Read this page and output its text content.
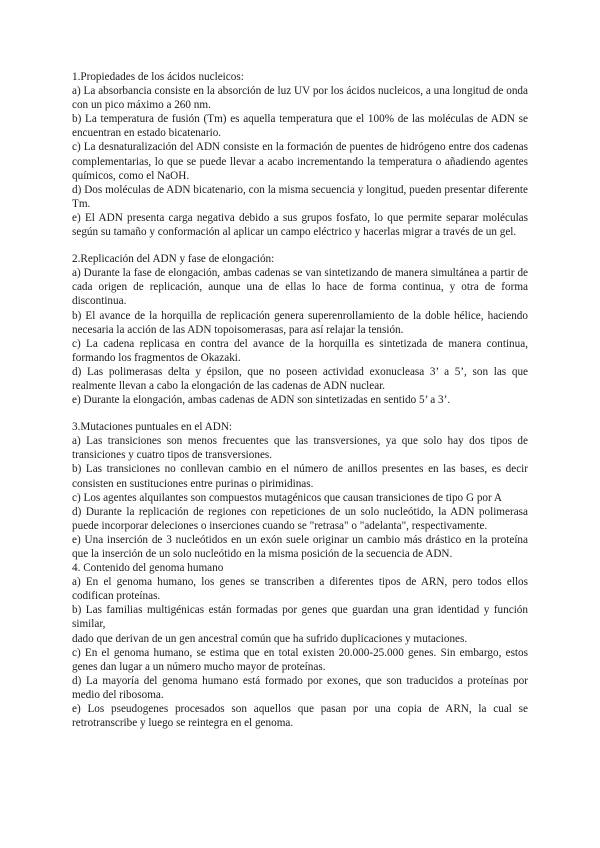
1.Propiedades de los ácidos nucleicos:

a) La absorbancia consiste en la absorción de luz UV por los ácidos nucleicos, a una longitud de onda con un pico máximo a 260 nm.

b) La temperatura de fusión (Tm) es aquella temperatura que el 100% de las moléculas de ADN se encuentran en estado bicatenario.

c) La desnaturalización del ADN consiste en la formación de puentes de hidrógeno entre dos cadenas complementarias, lo que se puede llevar a acabo incrementando la temperatura o añadiendo agentes químicos, como el NaOH.

d) Dos moléculas de ADN bicatenario, con la misma secuencia y longitud, pueden presentar diferente Tm.

e) El ADN presenta carga negativa debido a sus grupos fosfato, lo que permite separar moléculas según su tamaño y conformación al aplicar un campo eléctrico y hacerlas migrar a través de un gel.

2.Replicación del ADN y fase de elongación:

a) Durante la fase de elongación, ambas cadenas se van sintetizando de manera simultánea a partir de cada origen de replicación, aunque una de ellas lo hace de forma continua, y otra de forma discontinua.

b) El avance de la horquilla de replicación genera superenrollamiento de la doble hélice, haciendo necesaria la acción de las ADN topoisomerasas, para así relajar la tensión.

c) La cadena replicasa en contra del avance de la horquilla es sintetizada de manera continua, formando los fragmentos de Okazaki.

d) Las polimerasas delta y épsilon, que no poseen actividad exonucleasa 3’ a 5’, son las que realmente llevan a cabo la elongación de las cadenas de ADN nuclear.

e) Durante la elongación, ambas cadenas de ADN son sintetizadas en sentido 5’ a 3’.

3.Mutaciones puntuales en el ADN:

a) Las transiciones son menos frecuentes que las transversiones, ya que solo hay dos tipos de transiciones y cuatro tipos de transversiones.

b) Las transiciones no conllevan cambio en el número de anillos presentes en las bases, es decir consisten en sustituciones entre purinas o pirimidinas.

c) Los agentes alquilantes son compuestos mutagénicos que causan transiciones de tipo G por A

d) Durante la replicación de regiones con repeticiones de un solo nucleótido, la ADN polimerasa puede incorporar deleciones o inserciones cuando se "retrasa" o "adelanta", respectivamente.

e) Una inserción de 3 nucleótidos en un exón suele originar un cambio más drástico en la proteína que la inserción de un solo nucleótido en la misma posición de la secuencia de ADN.

4. Contenido del genoma humano

a) En el genoma humano, los genes se transcriben a diferentes tipos de ARN, pero todos ellos codifican proteínas.

b) Las familias multigénicas están formadas por genes que guardan una gran identidad y función similar,

dado que derivan de un gen ancestral común que ha sufrido duplicaciones y mutaciones.

c) En el genoma humano, se estima que en total existen 20.000-25.000 genes. Sin embargo, estos genes dan lugar a un número mucho mayor de proteínas.

d) La mayoría del genoma humano está formado por exones, que son traducidos a proteínas por medio del ribosoma.

e) Los pseudogenes procesados son aquellos que pasan por una copia de ARN, la cual se retrotranscribe y luego se reintegra en el genoma.
